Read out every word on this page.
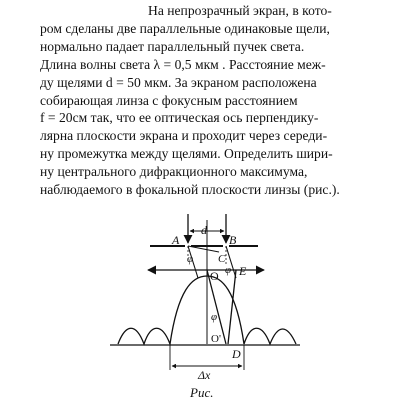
На непрозрачный экран, в кото-
ром сделаны две параллельные одинаковые щели,
нормально падает параллельный пучек света.
Длина волны света λ = 0,5 мкм . Расстояние меж-
ду щелями d = 50 мкм. За экраном расположена
собирающая линза с фокусным расстоянием
f = 20см так, что ее оптическая ось перпендику-
лярна плоскости экрана и проходит через середи-
ну промежутка между щелями. Определить шири-
ну центрального дифракционного максимума,
наблюдаемого в фокальной плоскости линзы (рис.).
d
A	B
C
φ
φ
O E
φ
O'
D
Δx
Рис.
